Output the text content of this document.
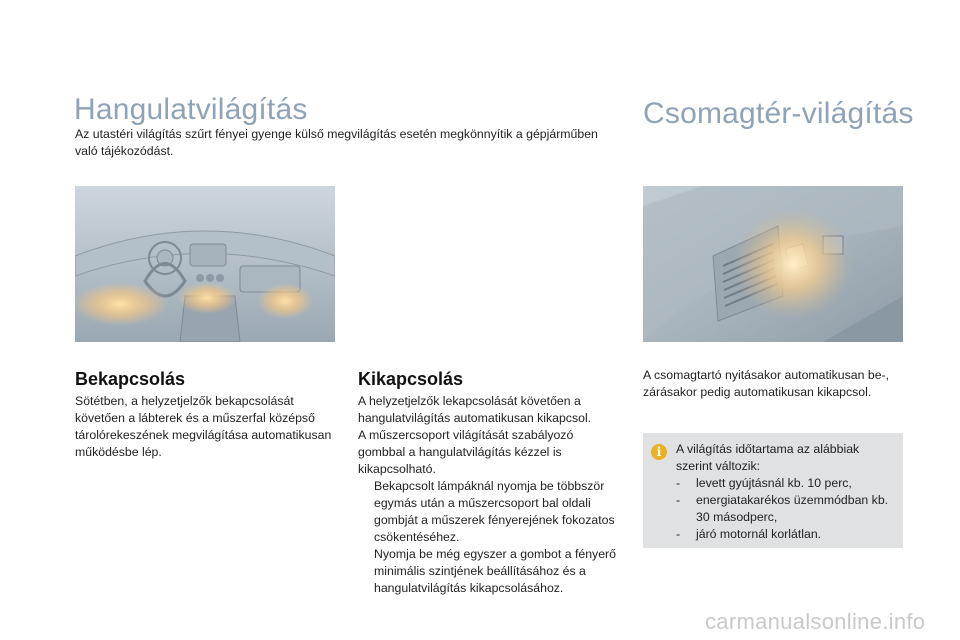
Hangulatvilágítás
Az utastéri világítás szűrt fényei gyenge külső megvilágítás esetén megkönnyítik a gépjárműben való tájékozódást.
Bekapcsolás
Sötétben, a helyzetjelzők bekapcsolását követően a lábterek és a műszerfal középső tárolórekeszének megvilágítása automatikusan működésbe lép.
Kikapcsolás
A helyzetjelzők lekapcsolását követően a hangulatvilágítás automatikusan kikapcsol.
A műszercsoport világítását szabályozó gombbal a hangulatvilágítás kézzel is kikapcsolható.
Bekapcsolt lámpáknál nyomja be többször egymás után a műszercsoport bal oldali gombját a műszerek fényerejének fokozatos csökentéséhez.
Nyomja be még egyszer a gombot a fényerő minimális szintjének beállításához és a hangulatvilágítás kikapcsolásához.
Csomagtér-világítás
A csomagtartó nyitásakor automatikusan be-, zárásakor pedig automatikusan kikapcsol.
i	A világítás időtartama az alábbiak szerint változik:
-	levett gyújtásnál kb. 10 perc,
-	energiatakarékos üzemmódban kb. 30 másodperc,
-	járó motornál korlátlan.
carmanualsonline.info
